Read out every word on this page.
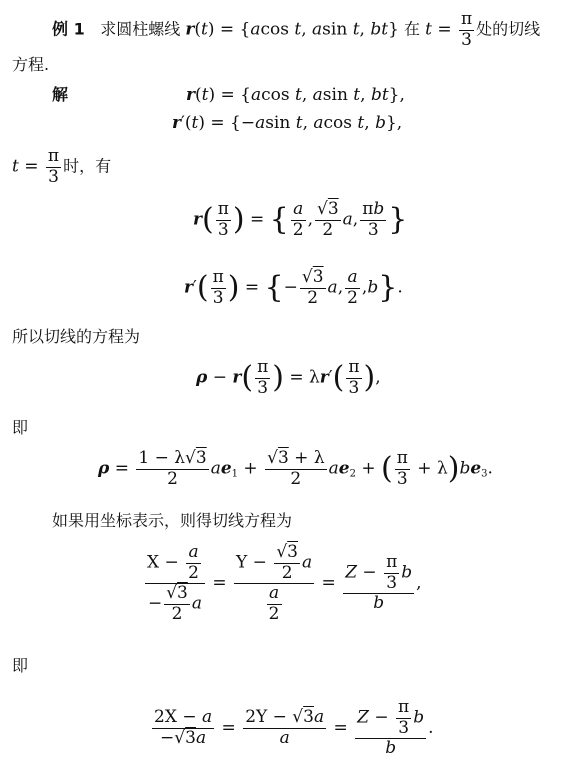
例 1   求圆柱螺线 r(t) = {acos t, asin t, bt} 在 $t = \frac{\pi}{3}$ 处的切线
方程.
解	r(t) = {acos t, asin t, bt},
r′(t) = {−asin t, acos t, b},
$t = \frac{\pi}{3}$ 时，有
$r( \frac{\pi}{3}$ ) = { $\frac{a}{2}$ , $\frac{√3}{2} a$, $\frac{\pi b}{3}$ }
$r'( \frac{\pi}{3}$ ) = {− $\frac{√3}{2} a$, $\frac{a}{2} ,b$}.
所以切线的方程为
$\rho - r( \frac{\pi}{3}$ ) = $\lambda r'( \frac{\pi}{3}$ ),
即
$\rho = \frac{1 - \lambda√3}{2} ae_1 + \frac{√3 + \lambda}{2} ae_2$ + ( $\frac{\pi}{3} + \lambda)be_3$.
如果用坐标表示，则得切线方程为
$\frac{X - \frac{a}{2}}{- \frac{√3}{2} a} = \frac{Y - \frac{√3}{2} a}{\frac{a}{2}} = \frac{Z - \frac{\pi}{3} b}{b}$ ,
即
$\frac{2X - a}{-√3a} = \frac{2Y - √3a}{a} = \frac{Z - \frac{\pi}{3} b}{b}$ .
